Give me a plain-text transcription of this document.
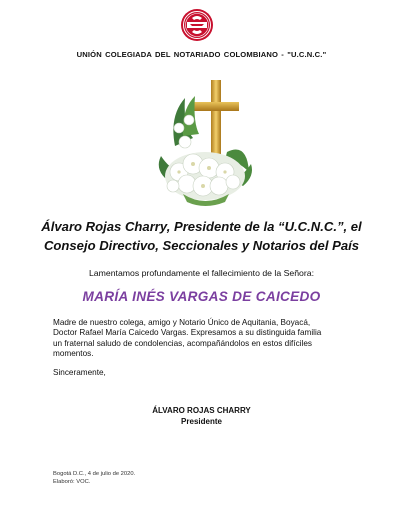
UNIÓN COLEGIADA DEL NOTARIADO COLOMBIANO - "U.C.N.C."
Álvaro Rojas Charry, Presidente de la “U.C.N.C.”, el
Consejo Directivo, Seccionales y Notarios del País
Lamentamos profundamente el fallecimiento de la Señora:
MARÍA INÉS VARGAS DE CAICEDO
Madre de nuestro colega, amigo y Notario Único de Aquitania, Boyacá,
Doctor Rafael María Caicedo Vargas. Expresamos a su distinguida familia
un fraternal saludo de condolencias, acompañándolos en estos difíciles
momentos.
Sinceramente,
ÁLVARO ROJAS CHARRY
Presidente
Bogotá D.C., 4 de julio de 2020.
Elaboró: VOC.
